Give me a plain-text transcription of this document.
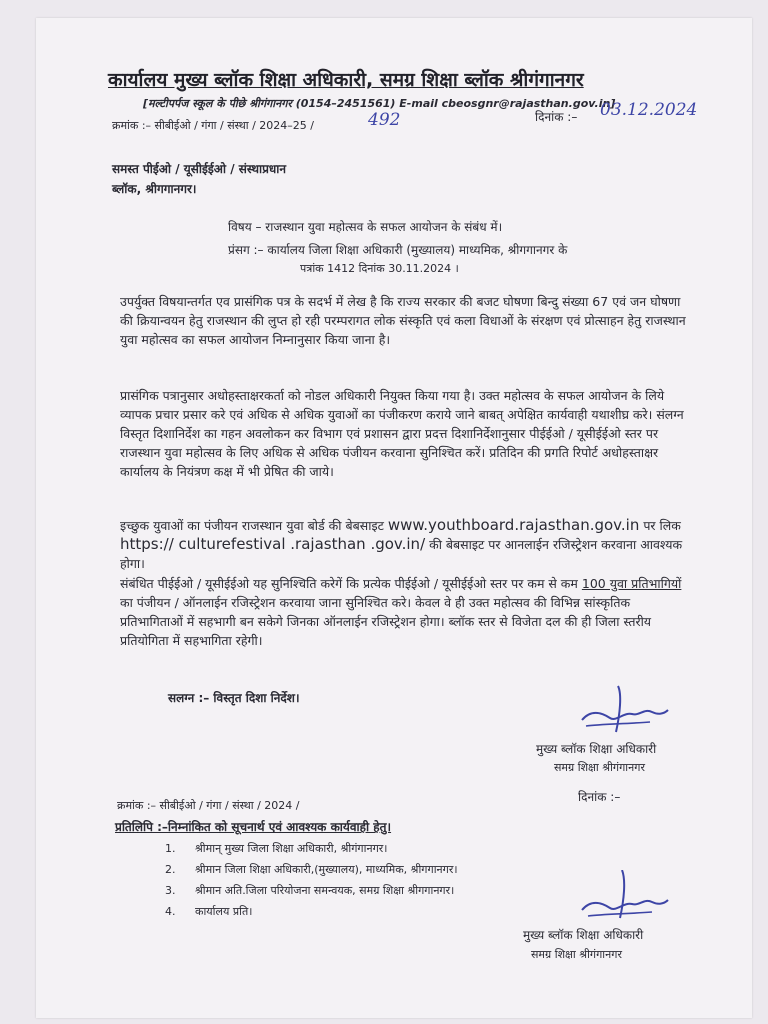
कार्यालय मुख्य ब्लॉक शिक्षा अधिकारी, समग्र शिक्षा ब्लॉक श्रीगंगानगर
[मल्टीपर्पज स्कूल के पीछे श्रीगंगानगर (0154–2451561) E-mail cbeosgnr@rajasthan.gov.in]
क्रमांक :– सीबीईओ / गंगा / संस्था / 2024–25 /	492	दिनांक :– 03.12.2024
समस्त पीईओ / यूसीईईओ / संस्थाप्रधान
ब्लॉक, श्रीगगानगर।
विषय – राजस्थान युवा महोत्सव के सफल आयोजन के संबंध में।
प्रंसग :– कार्यालय जिला शिक्षा अधिकारी (मुख्यालय) माध्यमिक, श्रीगगानगर के
पत्रांक 1412 दिनांक 30.11.2024 ।
उपर्युक्त विषयान्तर्गत एव प्रासंगिक पत्र के सदर्भ में लेख है कि राज्य सरकार की बजट घोषणा बिन्दु संख्या 67 एवं जन घोषणा की क्रियान्वयन हेतु राजस्थान की लुप्त हो रही परम्परागत लोक संस्कृति एवं कला विधाओं के संरक्षण एवं प्रोत्साहन हेतु राजस्थान युवा महोत्सव का सफल आयोजन निम्नानुसार किया जाना है।
प्रासंगिक पत्रानुसार अधोहस्ताक्षरकर्ता को नोडल अधिकारी नियुक्त किया गया है। उक्त महोत्सव के सफल आयोजन के लिये व्यापक प्रचार प्रसार करे एवं अधिक से अधिक युवाओं का पंजीकरण कराये जाने बाबत् अपेक्षित कार्यवाही यथाशीघ्र करे। संलग्न विस्तृत दिशानिर्देश का गहन अवलोकन कर विभाग एवं प्रशासन द्वारा प्रदत्त दिशानिर्देशानुसार पीईईओ / यूसीईईओ स्तर पर राजस्थान युवा महोत्सव के लिए अधिक से अधिक पंजीयन करवाना सुनिश्चित करें। प्रतिदिन की प्रगति रिपोर्ट अधोहस्ताक्षर कार्यालय के नियंत्रण कक्ष में भी प्रेषित की जाये।
इच्छुक युवाओं का पंजीयन राजस्थान युवा बोर्ड की बेबसाइट www.youthboard.rajasthan.gov.in पर लिक https:// culturefestival .rajasthan .gov.in/ की बेबसाइट पर आनलाईन रजिस्ट्रेशन करवाना आवश्यक होगा।
संबंधित पीईईओ / यूसीईईओ यह सुनिश्चिति करेगें कि प्रत्येक पीईईओ / यूसीईईओ स्तर पर कम से कम 100 युवा प्रतिभागियों का पंजीयन / ऑनलाईन रजिस्ट्रेशन करवाया जाना सुनिश्चित करे। केवल वे ही उक्त महोत्सव की विभिन्न सांस्कृतिक प्रतिभागिताओं में सहभागी बन सकेगे जिनका ऑनलाईन रजिस्ट्रेशन होगा। ब्लॉक स्तर से विजेता दल की ही जिला स्तरीय प्रतियोगिता में सहभागिता रहेगी।
सलग्न :– विस्तृत दिशा निर्देश।
मुख्य ब्लॉक शिक्षा अधिकारी
समग्र शिक्षा श्रीगंगानगर
क्रमांक :– सीबीईओ / गंगा / संस्था / 2024 /
दिनांक :–
प्रतिलिपि :–निम्नांकित को सूचनार्थ एवं आवश्यक कार्यवाही हेतु।
1. श्रीमान् मुख्य जिला शिक्षा अधिकारी, श्रीगंगानगर।
2. श्रीमान जिला शिक्षा अधिकारी,(मुख्यालय), माध्यमिक, श्रीगगानगर।
3. श्रीमान अति.जिला परियोजना समन्वयक, समग्र शिक्षा श्रीगगानगर।
4. कार्यालय प्रति।
मुख्य ब्लॉक शिक्षा अधिकारी
समग्र शिक्षा श्रीगंगानगर
